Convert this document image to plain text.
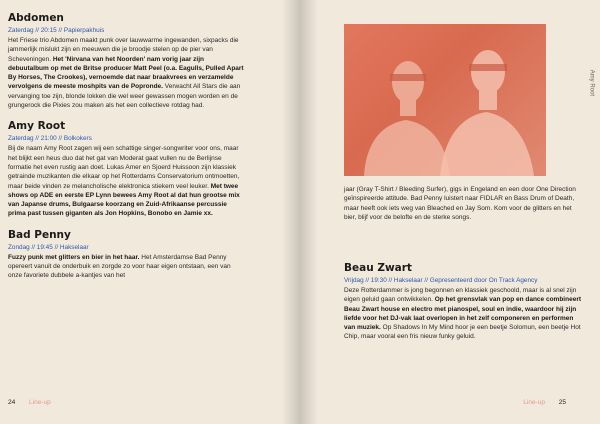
Abdomen
Zaterdag // 20:15 // Papierpakhuis

Het Friese trio Abdomen maakt punk over lauwwarme ingewanden, sixpacks die jammerlijk mislukt zijn en meeuwen die je broodje stelen op de pier van Scheveningen. Het 'Nirvana van het Noorden' nam vorig jaar zijn debuutalbum op met de Britse producer Matt Peel (o.a. Eagulls, Pulled Apart By Horses, The Crookes), vernoemde dat naar braakvrees en verzamelde vervolgens de meeste moshpits van de Popronde. Verwacht All Stars die aan vervanging toe zijn, blonde lokken die wel weer gewassen mogen worden en de grungerock die Pixies zou maken als het een collectieve rotdag had.

Amy Root
Zaterdag // 21:00 // Bolkokers

Bij de naam Amy Root zagen wij een schattige singer-songwriter voor ons, maar het blijkt een heus duo dat het gat van Moderat gaat vullen nu de Berlijnse formatie het even rustig aan doet. Lukas Amer en Sjoerd Huissoon zijn klassiek getrainde muzikanten die elkaar op het Rotterdams Conservatorium ontmoetten, maar beide vinden ze melancholische elektronica stiekem veel leuker. Met twee shows op ADE en eerste EP Lynn bewees Amy Root al dat hun grootse mix van Japanse drums, Bulgaarse koorzang en Zuid-Afrikaanse percussie prima past tussen giganten als Jon Hopkins, Bonobo en Jamie xx.

Bad Penny
Zondag // 19:45 // Hakselaar

Fuzzy punk met glitters en bier in het haar. Het Amsterdamse Bad Penny opereert vanuit de onderbuik en zorgde zo voor haar eigen ontstaan, een van onze favoriete dubbele a-kantjes van het

24 Line-up
Amy Root

jaar (Gray T-Shirt / Bleeding Surfer), gigs in Engeland en een door One Direction geïnspireerde attitude. Bad Penny luistert naar FIDLAR en Bass Drum of Death, maar heeft ook iets weg van Bleached en Jay Som. Kom voor de glitters en het bier, blijf voor de belofte en de sterke songs.

Beau Zwart
Vrijdag // 19:30 // Hakselaar // Gepresenteerd door On Track Agency

Deze Rotterdammer is jong begonnen en klassiek geschoold, maar is al snel zijn eigen geluid gaan ontwikkelen. Op het grensvlak van pop en dance combineert Beau Zwart house en electro met pianospel, soul en indie, waardoor hij zijn liefde voor het DJ-vak laat overlopen in het zelf componeren en performen van muziek. Op Shadows In My Mind hoor je een beetje Solomun, een beetje Hot Chip, maar vooral een fris nieuw funky geluid.

Line-up 25
